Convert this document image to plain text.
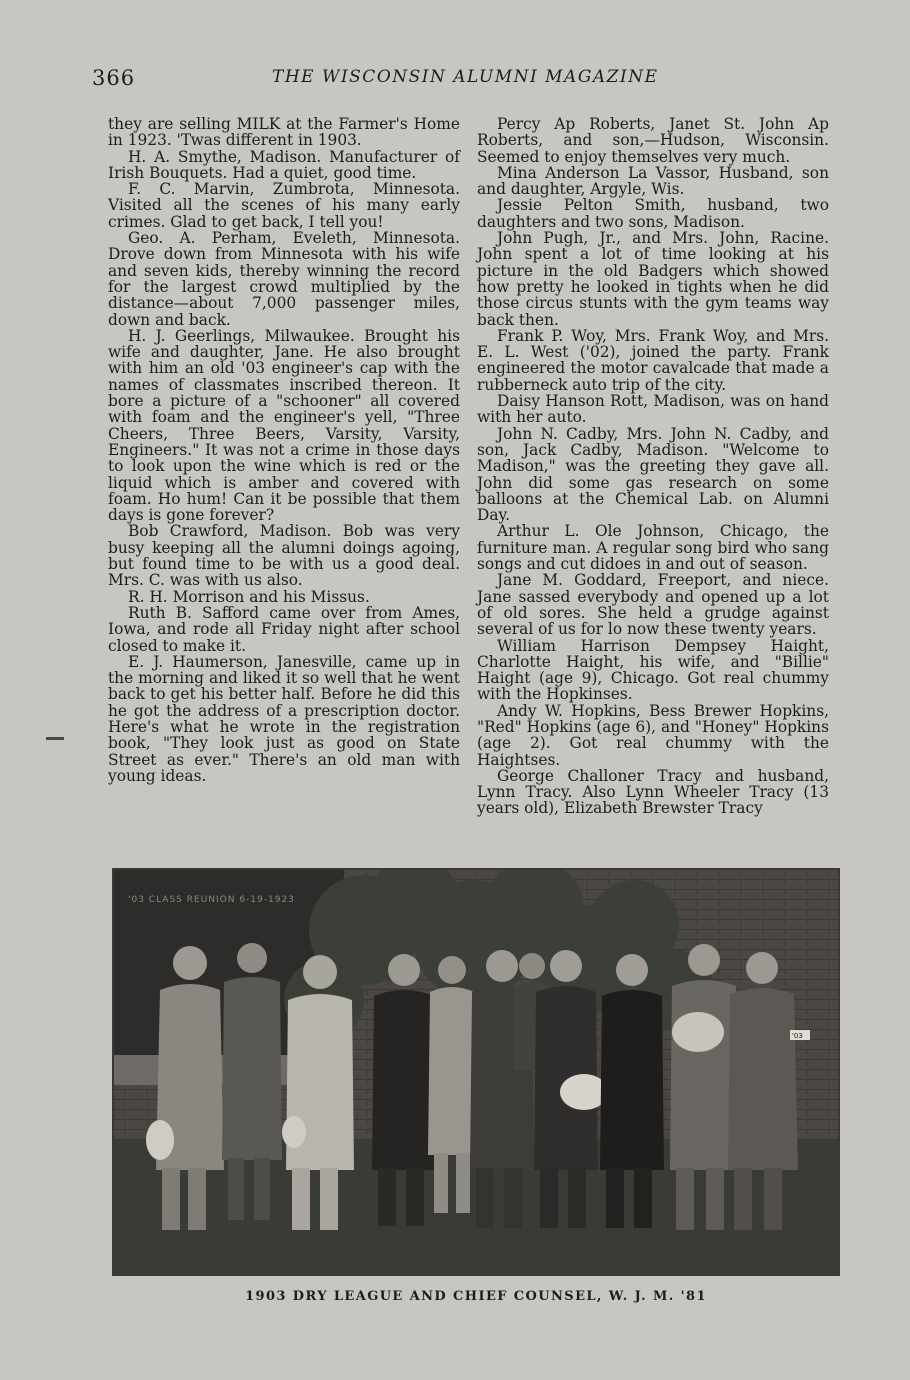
366	THE WISCONSIN ALUMNI MAGAZINE

they are selling MILK at the Farmer's Home in 1923. 'Twas different in 1903.

H. A. Smythe, Madison. Manufacturer of Irish Bouquets. Had a quiet, good time.

F. C. Marvin, Zumbrota, Minnesota. Visited all the scenes of his many early crimes. Glad to get back, I tell you!

Geo. A. Perham, Eveleth, Minnesota. Drove down from Minnesota with his wife and seven kids, thereby winning the record for the largest crowd multiplied by the distance—about 7,000 passenger miles, down and back.

H. J. Geerlings, Milwaukee. Brought his wife and daughter, Jane. He also brought with him an old '03 engineer's cap with the names of classmates inscribed thereon. It bore a picture of a "schooner" all covered with foam and the engineer's yell, "Three Cheers, Three Beers, Varsity, Varsity, Engineers." It was not a crime in those days to look upon the wine which is red or the liquid which is amber and covered with foam. Ho hum! Can it be possible that them days is gone forever?

Bob Crawford, Madison. Bob was very busy keeping all the alumni doings agoing, but found time to be with us a good deal. Mrs. C. was with us also.

R. H. Morrison and his Missus.

Ruth B. Safford came over from Ames, Iowa, and rode all Friday night after school closed to make it.

E. J. Haumerson, Janesville, came up in the morning and liked it so well that he went back to get his better half. Before he did this he got the address of a prescription doctor. Here's what he wrote in the registration book, "They look just as good on State Street as ever." There's an old man with young ideas.

Percy Ap Roberts, Janet St. John Ap Roberts, and son,—Hudson, Wisconsin. Seemed to enjoy themselves very much.

Mina Anderson La Vassor, Husband, son and daughter, Argyle, Wis.

Jessie Pelton Smith, husband, two daughters and two sons, Madison.

John Pugh, Jr., and Mrs. John, Racine. John spent a lot of time looking at his picture in the old Badgers which showed how pretty he looked in tights when he did those circus stunts with the gym teams way back then.

Frank P. Woy, Mrs. Frank Woy, and Mrs. E. L. West ('02), joined the party. Frank engineered the motor cavalcade that made a rubberneck auto trip of the city.

Daisy Hanson Rott, Madison, was on hand with her auto.

John N. Cadby, Mrs. John N. Cadby, and son, Jack Cadby, Madison. "Welcome to Madison," was the greeting they gave all. John did some gas research on some balloons at the Chemical Lab. on Alumni Day.

Arthur L. Ole Johnson, Chicago, the furniture man. A regular song bird who sang songs and cut didoes in and out of season.

Jane M. Goddard, Freeport, and niece. Jane sassed everybody and opened up a lot of old sores. She held a grudge against several of us for lo now these twenty years.

William Harrison Dempsey Haight, Charlotte Haight, his wife, and "Billie" Haight (age 9), Chicago. Got real chummy with the Hopkinses.

Andy W. Hopkins, Bess Brewer Hopkins, "Red" Hopkins (age 6), and "Honey" Hopkins (age 2). Got real chummy with the Haightses.

George Challoner Tracy and husband, Lynn Tracy. Also Lynn Wheeler Tracy (13 years old), Elizabeth Brewster Tracy

'03 CLASS REUNION 6-19-1923
'03
1903 DRY LEAGUE AND CHIEF COUNSEL, W. J. M. '81
